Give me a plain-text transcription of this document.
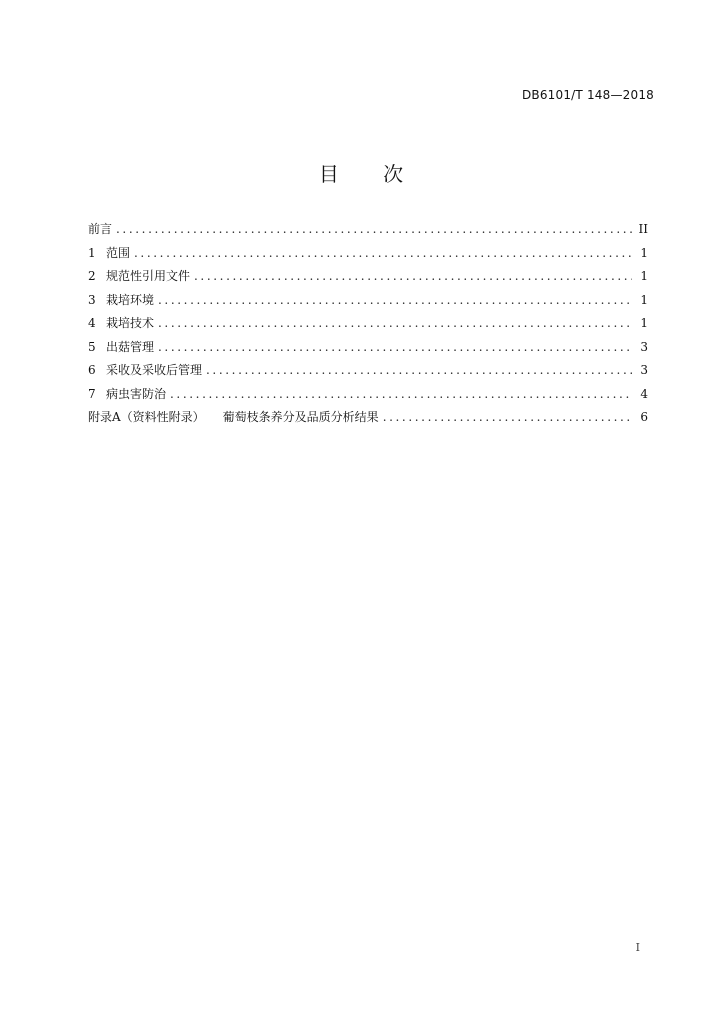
DB6101/T 148—2018
目 次
前言 .....	II
1 范围 .....	1
2 规范性引用文件 .....	1
3 栽培环境 .....	1
4 栽培技术 .....	1
5 出菇管理 .....	3
6 采收及采收后管理 .....	3
7 病虫害防治 .....	4
附录A（资料性附录） 葡萄枝条养分及品质分析结果 .....	6
I
